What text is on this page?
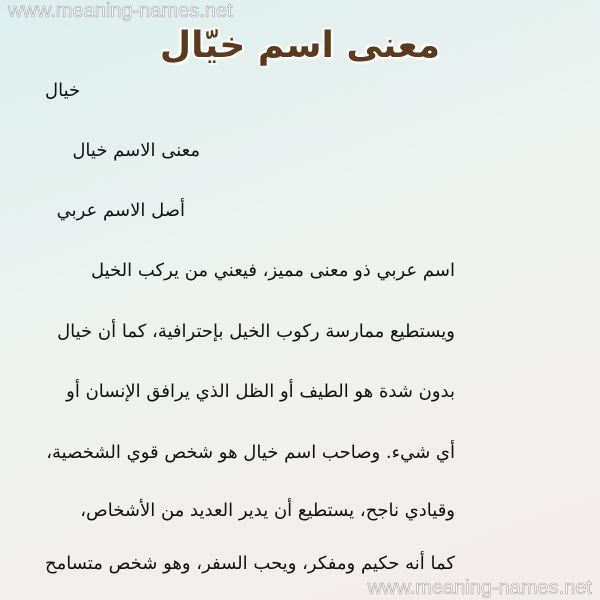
www.meaning-names.net
معنى اسم خيّال
خيال
معنى الاسم خيال
أصل الاسم عربي
اسم عربي ذو معنى مميز، فيعني من يركب الخيل
ويستطيع ممارسة ركوب الخيل بإحترافية، كما أن خيال
بدون شدة هو الطيف أو الظل الذي يرافق الإنسان أو
أي شيء. وصاحب اسم خيال هو شخص قوي الشخصية،
وقيادي ناجح، يستطيع أن يدير العديد من الأشخاص،
كما أنه حكيم ومفكر، ويحب السفر، وهو شخص متسامح
www.meaning-names.net
